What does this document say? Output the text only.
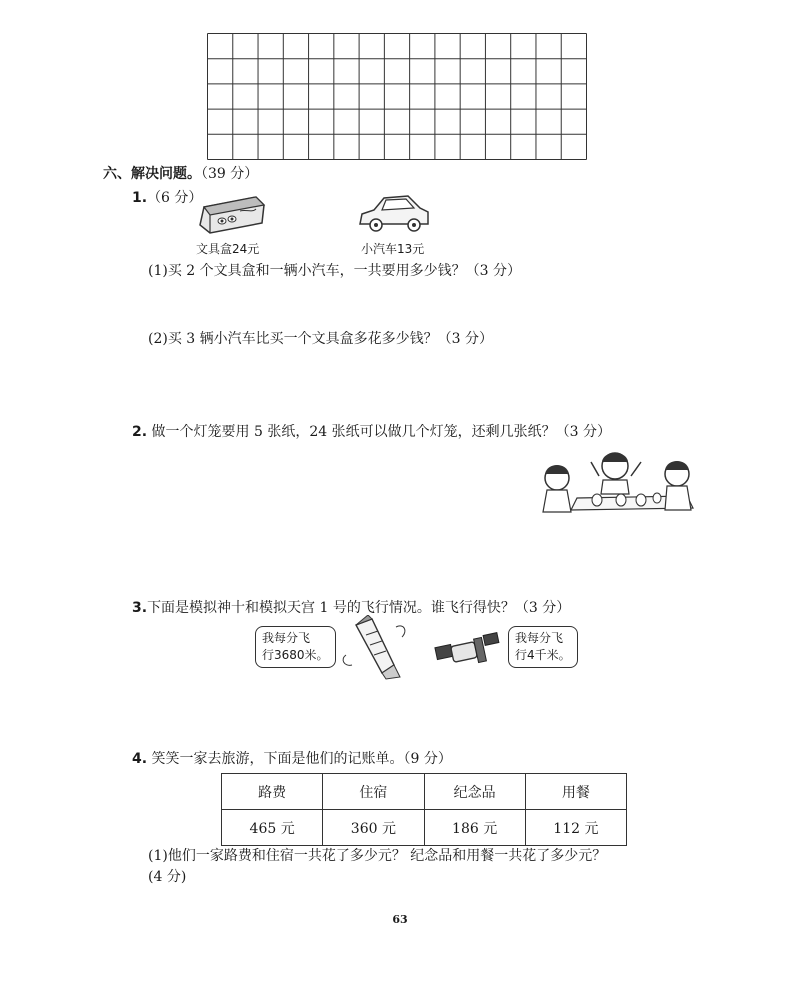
六、解决问题。（39 分）
1.（6 分）
文具盒24元	小汽车13元
(1)买 2 个文具盒和一辆小汽车，一共要用多少钱？（3 分）
(2)买 3 辆小汽车比买一个文具盒多花多少钱？（3 分）
2. 做一个灯笼要用 5 张纸，24 张纸可以做几个灯笼，还剩几张纸？（3 分）
3.下面是模拟神十和模拟天宫 1 号的飞行情况。谁飞行得快？（3 分）
我每分飞
行3680米。
我每分飞
行4千米。
4. 笑笑一家去旅游，下面是他们的记账单。（9 分）
路费	住宿	纪念品	用餐
465 元	360 元	186 元	112 元
(1)他们一家路费和住宿一共花了多少元？ 纪念品和用餐一共花了多少元？
(4 分)
63
